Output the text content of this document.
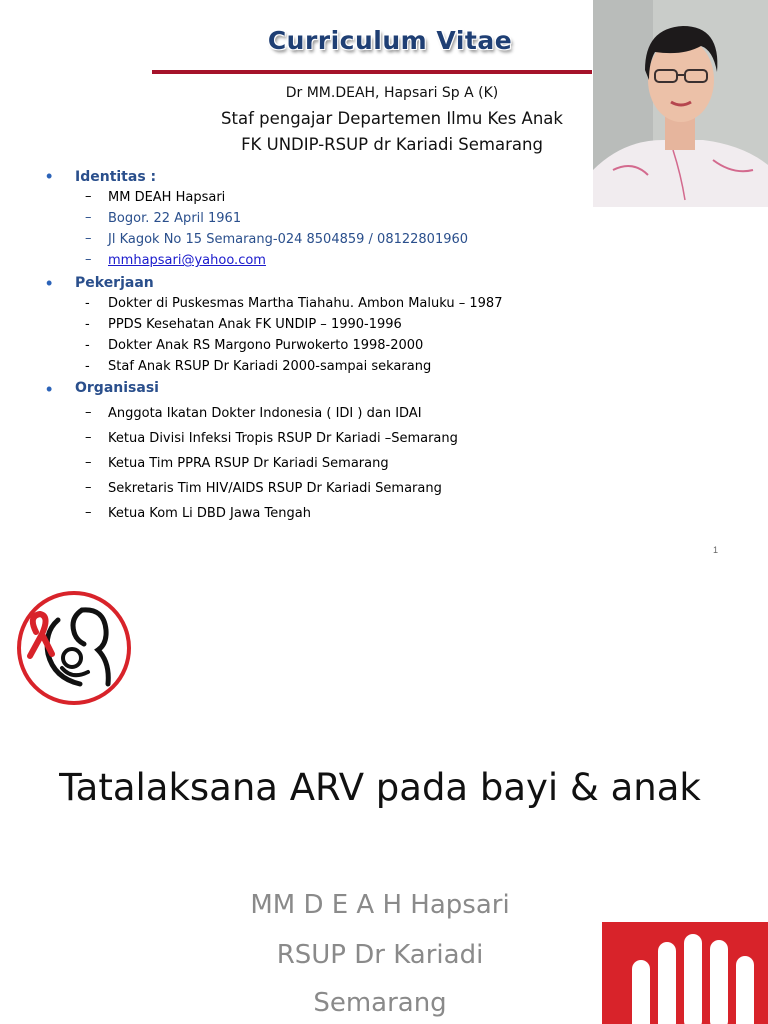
Curriculum Vitae
Dr MM.DEAH, Hapsari Sp A (K)
Staf pengajar Departemen Ilmu Kes Anak
FK UNDIP-RSUP dr Kariadi Semarang
• Identitas :
– MM DEAH Hapsari
– Bogor. 22 April 1961
– Jl Kagok No 15 Semarang-024 8504859 / 08122801960
– mmhapsari@yahoo.com
• Pekerjaan
- Dokter di Puskesmas Martha Tiahahu. Ambon Maluku – 1987
- PPDS Kesehatan Anak FK UNDIP – 1990-1996
- Dokter Anak RS Margono Purwokerto 1998-2000
- Staf Anak RSUP Dr Kariadi 2000-sampai sekarang
• Organisasi
– Anggota Ikatan Dokter Indonesia ( IDI ) dan IDAI
– Ketua Divisi Infeksi Tropis RSUP Dr Kariadi –Semarang
– Ketua Tim PPRA RSUP Dr Kariadi Semarang
– Sekretaris Tim HIV/AIDS RSUP Dr Kariadi Semarang
– Ketua Kom Li DBD Jawa Tengah
1
Tatalaksana ARV pada bayi & anak
MM D E A H Hapsari
RSUP Dr Kariadi
Semarang
